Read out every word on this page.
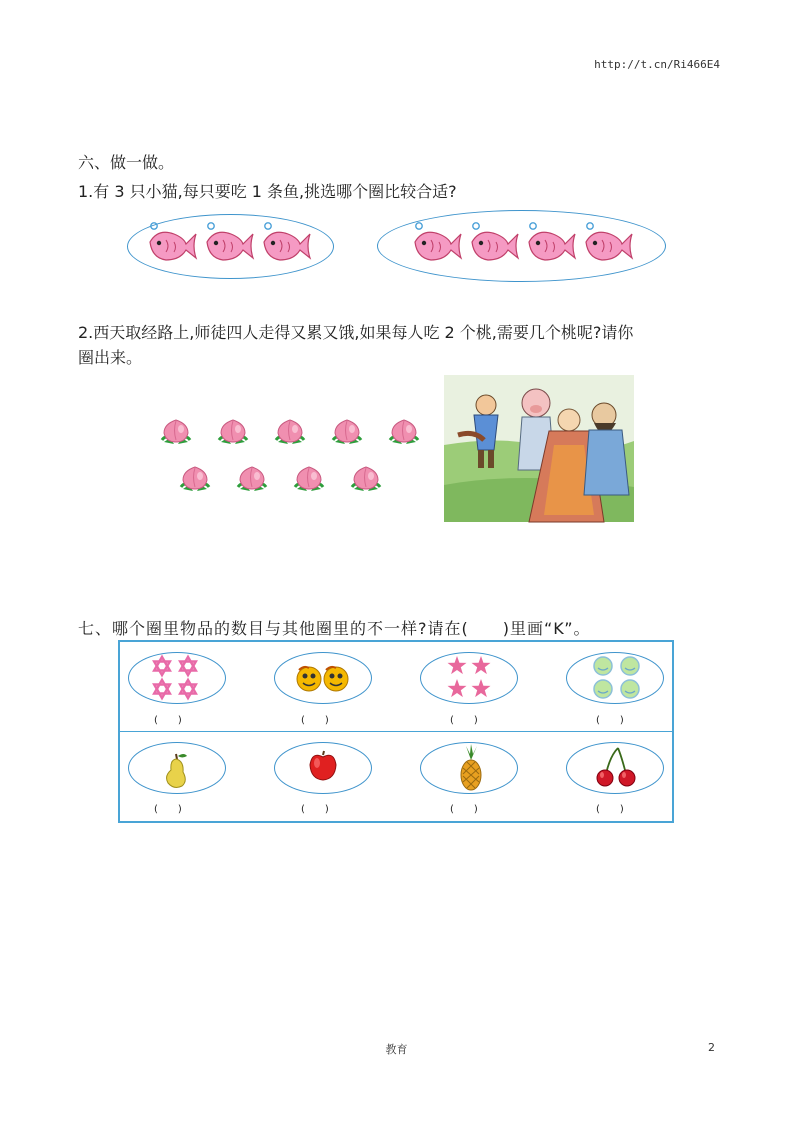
http://t.cn/Ri466E4
六、做一做。
1.有 3 只小猫,每只要吃 1 条鱼,挑选哪个圈比较合适?
2.西天取经路上,师徒四人走得又累又饿,如果每人吃 2 个桃,需要几个桃呢?请你
圈出来。
七、哪个圈里物品的数目与其他圈里的不一样?请在(　　)里画“K”。
(　　)	(　　)	(　　)	(　　)
(　　)	(　　)	(　　)	(　　)
教育	2
